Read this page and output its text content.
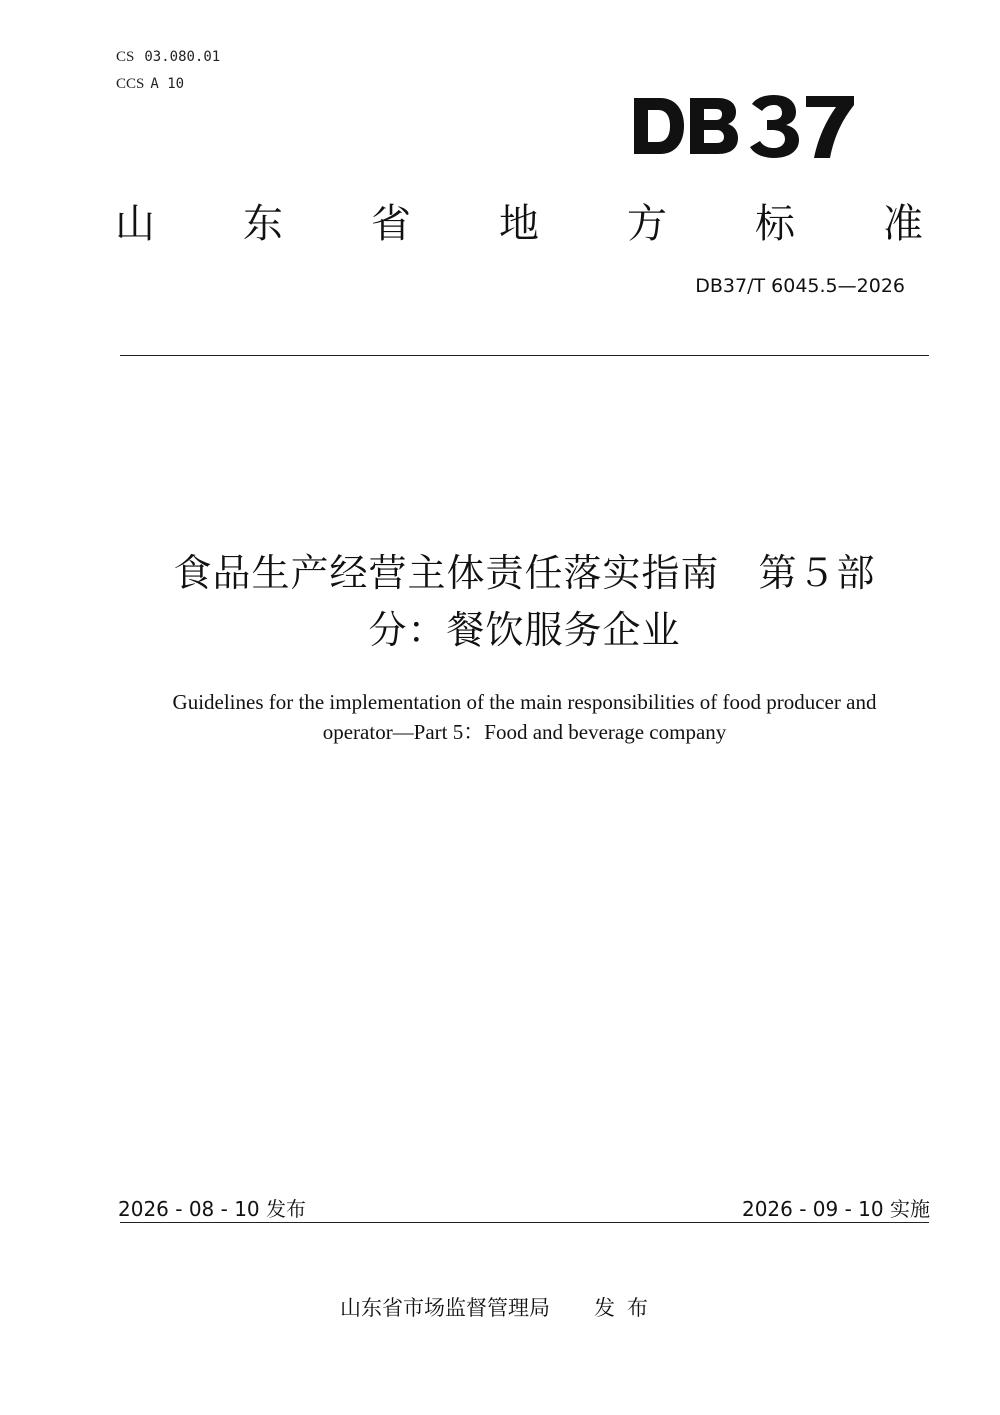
CS 03.080.01
CCS A 10
山 东 省 地 方 标 准
DB37/T 6045.5—2026
食品生产经营主体责任落实指南　第５部
分：餐饮服务企业
Guidelines for the implementation of the main responsibilities of food producer and
operator—Part 5：Food and beverage company
2026 - 08 - 10 发布	2026 - 09 - 10 实施
山东省市场监督管理局 发布
